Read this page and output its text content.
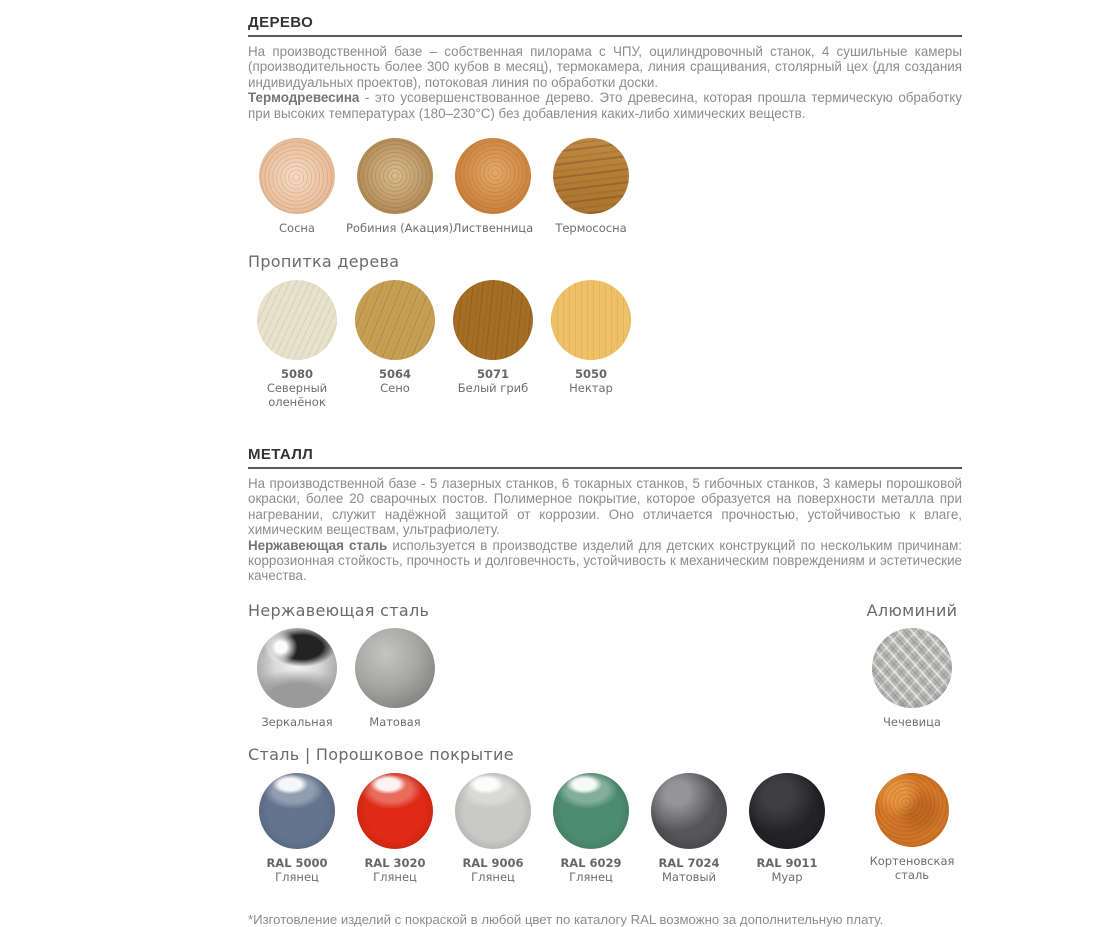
ДЕРЕВО

На производственной базе – собственная пилорама с ЧПУ, оцилиндровочный станок, 4 сушильные камеры (производительность более 300 кубов в месяц), термокамера, линия сращивания, столярный цех (для создания индивидуальных проектов), потоковая линия по обработки доски.

Термодревесина - это усовершенствованное дерево. Это древесина, которая прошла термическую обработку при высоких температурах (180–230°C) без добавления каких-либо химических веществ.

Сосна	Робиния (Акация) Лиственница	Термососна
Пропитка дерева
5080
Северный оленёнок
5064
Сено
5071
Белый гриб
5050
Нектар
МЕТАЛЛ

На производственной базе - 5 лазерных станков, 6 токарных станков, 5 гибочных станков, 3 камеры порошковой окраски, более 20 сварочных постов. Полимерное покрытие, которое образуется на поверхности металла при нагревании, служит надёжной защитой от коррозии. Оно отличается прочностью, устойчивостью к влаге, химическим веществам, ультрафиолету.

Нержавеющая сталь используется в производстве изделий для детских конструкций по нескольким причинам: коррозионная стойкость, прочность и долговечность, устойчивость к механическим повреждениям и эстетические качества.

Нержавеющая сталь
Зеркальная	Матовая
Алюминий
Чечевица
Сталь | Порошковое покрытие
RAL 5000
Глянец
RAL 3020
Глянец
RAL 9006
Глянец
RAL 6029
Глянец
RAL 7024
Матовый
RAL 9011
Муар
Кортеновская сталь
*Изготовление изделий с покраской в любой цвет по каталогу RAL возможно за дополнительную плату.
